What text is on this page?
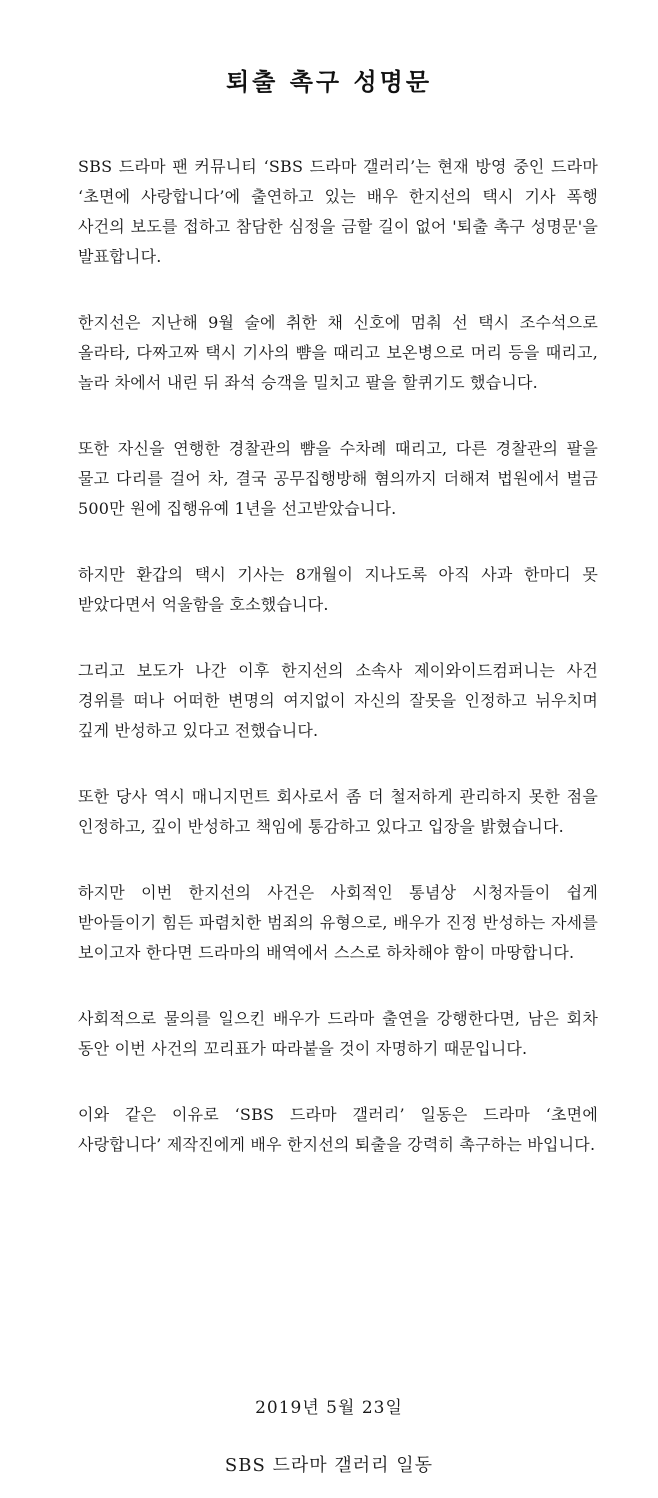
퇴출 촉구 성명문

SBS 드라마 팬 커뮤니티 ‘SBS 드라마 갤러리’는 현재 방영 중인 드라마 ‘초면에 사랑합니다’에 출연하고 있는 배우 한지선의 택시 기사 폭행 사건의 보도를 접하고 참담한 심정을 금할 길이 없어 '퇴출 촉구 성명문'을 발표합니다.

한지선은 지난해 9월 술에 취한 채 신호에 멈춰 선 택시 조수석으로 올라타, 다짜고짜 택시 기사의 뺨을 때리고 보온병으로 머리 등을 때리고, 놀라 차에서 내린 뒤 좌석 승객을 밀치고 팔을 할퀴기도 했습니다.

또한 자신을 연행한 경찰관의 뺨을 수차례 때리고, 다른 경찰관의 팔을 물고 다리를 걸어 차, 결국 공무집행방해 혐의까지 더해져 법원에서 벌금 500만 원에 집행유예 1년을 선고받았습니다.

하지만 환갑의 택시 기사는 8개월이 지나도록 아직 사과 한마디 못 받았다면서 억울함을 호소했습니다.

그리고 보도가 나간 이후 한지선의 소속사 제이와이드컴퍼니는 사건 경위를 떠나 어떠한 변명의 여지없이 자신의 잘못을 인정하고 뉘우치며 깊게 반성하고 있다고 전했습니다.

또한 당사 역시 매니지먼트 회사로서 좀 더 철저하게 관리하지 못한 점을 인정하고, 깊이 반성하고 책임에 통감하고 있다고 입장을 밝혔습니다.

하지만 이번 한지선의 사건은 사회적인 통념상 시청자들이 쉽게 받아들이기 힘든 파렴치한 범죄의 유형으로, 배우가 진정 반성하는 자세를 보이고자 한다면 드라마의 배역에서 스스로 하차해야 함이 마땅합니다.

사회적으로 물의를 일으킨 배우가 드라마 출연을 강행한다면, 남은 회차 동안 이번 사건의 꼬리표가 따라붙을 것이 자명하기 때문입니다.

이와 같은 이유로 ‘SBS 드라마 갤러리’ 일동은 드라마 ‘초면에 사랑합니다’ 제작진에게 배우 한지선의 퇴출을 강력히 촉구하는 바입니다.

2019년 5월 23일

SBS 드라마 갤러리 일동
